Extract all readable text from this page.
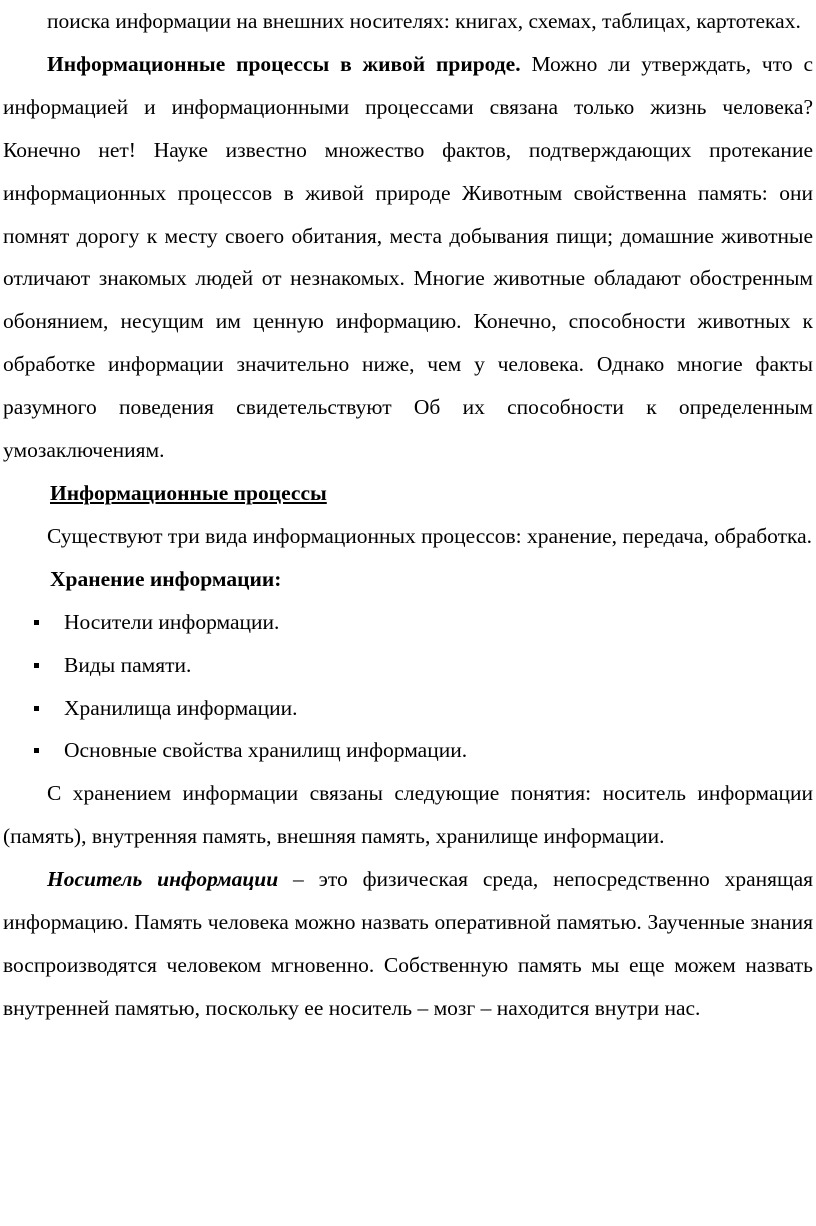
поиска информации на внешних носителях: книгах, схемах, таблицах, картотеках.

Информационные процессы в живой природе. Можно ли утверждать, что с информацией и информационными процессами связана только жизнь человека? Конечно нет! Науке известно множество фактов, подтверждающих протекание информационных процессов в живой природе Животным свойственна память: они помнят дорогу к месту своего обитания, места добывания пищи; домашние животные отличают знакомых людей от незнакомых. Многие животные обладают обостренным обонянием, несущим им ценную информацию. Конечно, способности животных к обработке информации значительно ниже, чем у человека. Однако многие факты разумного поведения свидетельствуют Об их способности к определенным умозаключениям.

Информационные процессы

Существуют три вида информационных процессов: хранение, передача, обработка.

Хранение информации:

Носители информации.
Виды памяти.
Хранилища информации.
Основные свойства хранилищ информации.

С хранением информации связаны следующие понятия: носитель информации (память), внутренняя память, внешняя память, хранилище информации.

Носитель информации – это физическая среда, непосредственно хранящая информацию. Память человека можно назвать оперативной памятью. Заученные знания воспроизводятся человеком мгновенно. Собственную память мы еще можем назвать внутренней памятью, поскольку ее носитель – мозг – находится внутри нас.
